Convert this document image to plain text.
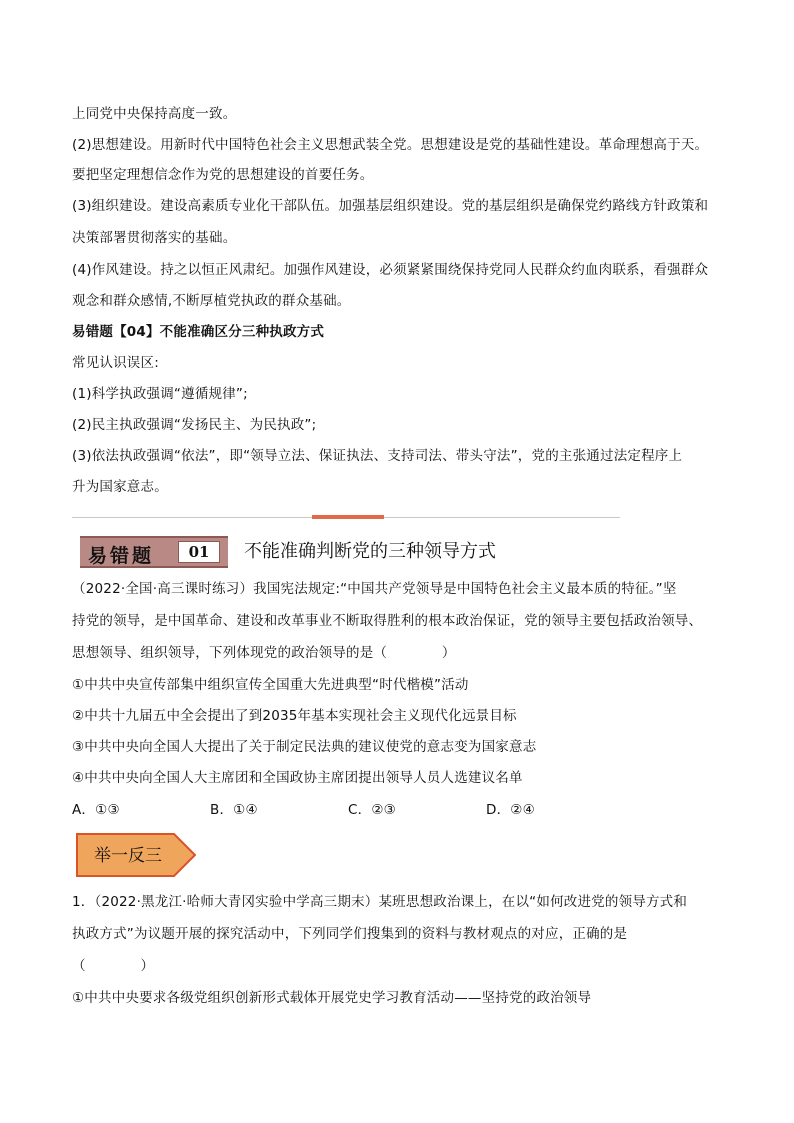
上同党中央保持高度一致。
(2)思想建设。用新时代中国特色社会主义思想武装全党。思想建设是党的基础性建设。革命理想高于天。
要把坚定理想信念作为党的思想建设的首要任务。
(3)组织建设。建设高素质专业化干部队伍。加强基层组织建设。党的基层组织是确保党约路线方针政策和
决策部署贯彻落实的基础。
(4)作风建设。持之以恒正风肃纪。加强作风建设，必须紧紧围绕保持党同人民群众约血肉联系，看强群众
观念和群众感情,不断厚植党执政的群众基础。
易错题【04】不能准确区分三种执政方式
常见认识误区:
(1)科学执政强调“遵循规律”;
(2)民主执政强调“发扬民主、为民执政”;
(3)依法执政强调“依法”，即“领导立法、保证执法、支持司法、带头守法”，党的主张通过法定程序上
升为国家意志。
易错题	01	不能准确判断党的三种领导方式
（2022·全国·高三课时练习）我国宪法规定:“中国共产党领导是中国特色社会主义最本质的特征。”坚
持党的领导，是中国革命、建设和改革事业不断取得胜利的根本政治保证，党的领导主要包括政治领导、
思想领导、组织领导，下列体现党的政治领导的是（　　　　）
①中共中央宣传部集中组织宣传全国重大先进典型“时代楷模”活动
②中共十九届五中全会提出了到2035年基本实现社会主义现代化远景目标
③中共中央向全国人大提出了关于制定民法典的建议使党的意志变为国家意志
④中共中央向全国人大主席团和全国政协主席团提出领导人员人选建议名单
A．①③	B．①④	C．②③	D．②④
举一反三
1．（2022·黑龙江·哈师大青冈实验中学高三期末）某班思想政治课上，在以“如何改进党的领导方式和
执政方式”为议题开展的探究活动中，下列同学们搜集到的资料与教材观点的对应，正确的是
（　　　　）
①中共中央要求各级党组织创新形式载体开展党史学习教育活动——坚持党的政治领导
